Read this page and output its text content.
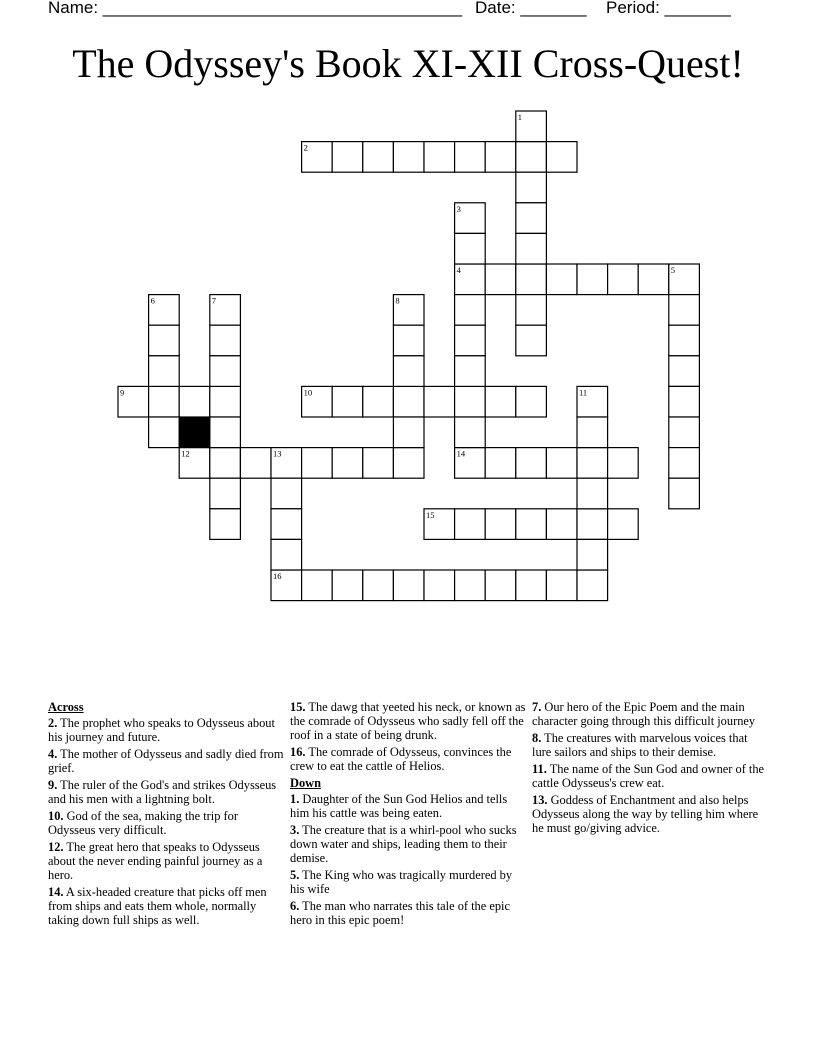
Name: ______________________________________ Date: _______ Period: _______
The Odyssey's Book XI-XII Cross-Quest!
1
2
3
4	5
6	7	8
9	10	11
12	13	14
15
16
Across
2. The prophet who speaks to Odysseus about his journey and future.
4. The mother of Odysseus and sadly died from grief.
9. The ruler of the God's and strikes Odysseus and his men with a lightning bolt.
10. God of the sea, making the trip for Odysseus very difficult.
12. The great hero that speaks to Odysseus about the never ending painful journey as a hero.
14. A six-headed creature that picks off men from ships and eats them whole, normally taking down full ships as well.
15. The dawg that yeeted his neck, or known as the comrade of Odysseus who sadly fell off the roof in a state of being drunk.
16. The comrade of Odysseus, convinces the crew to eat the cattle of Helios.
Down
1. Daughter of the Sun God Helios and tells him his cattle was being eaten.
3. The creature that is a whirl-pool who sucks down water and ships, leading them to their demise.
5. The King who was tragically murdered by his wife
6. The man who narrates this tale of the epic hero in this epic poem!
7. Our hero of the Epic Poem and the main character going through this difficult journey
8. The creatures with marvelous voices that lure sailors and ships to their demise.
11. The name of the Sun God and owner of the cattle Odysseus's crew eat.
13. Goddess of Enchantment and also helps Odysseus along the way by telling him where he must go/giving advice.
